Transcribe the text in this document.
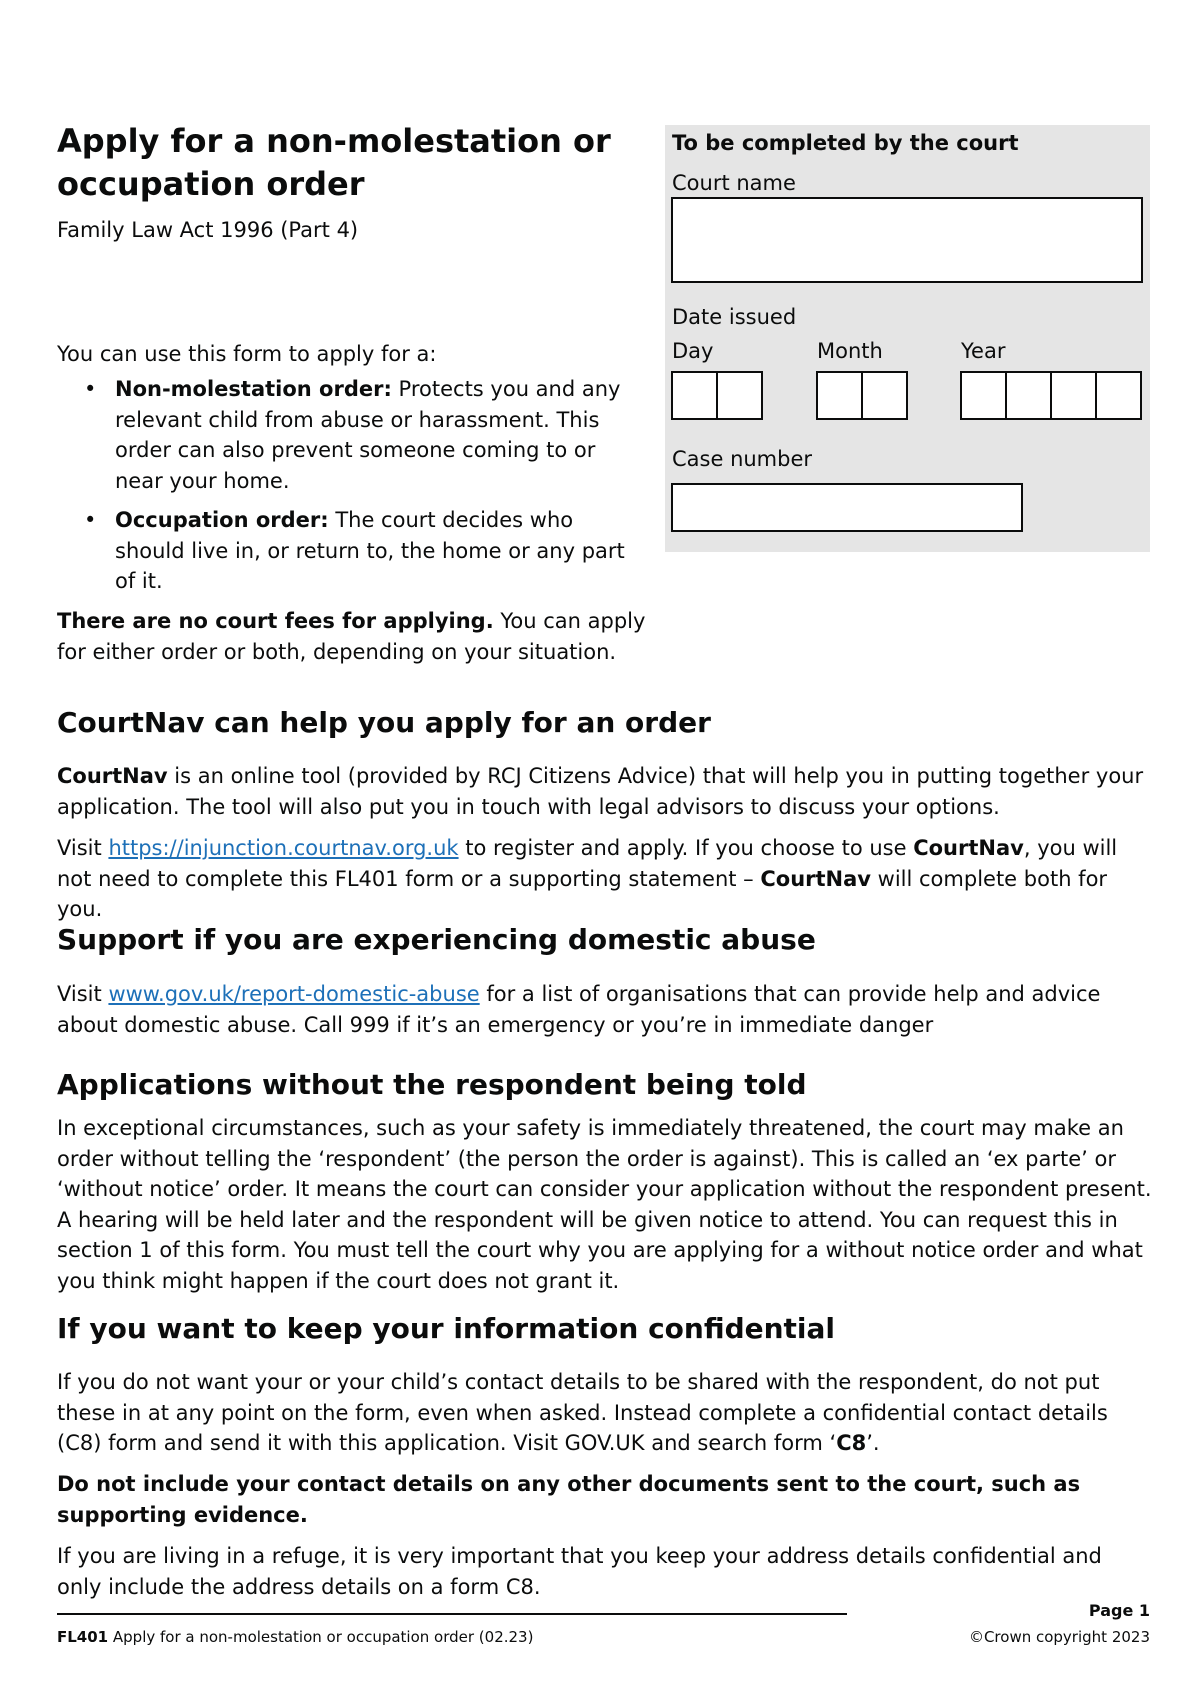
Apply for a non-molestation or occupation order
Family Law Act 1996 (Part 4)
To be completed by the court
Court name
Date issued
Day	Month	Year
Case number

You can use this form to apply for a:

• Non-molestation order: Protects you and any relevant child from abuse or harassment. This order can also prevent someone coming to or near your home.
• Occupation order: The court decides who should live in, or return to, the home or any part of it.

There are no court fees for applying. You can apply for either order or both, depending on your situation.

CourtNav can help you apply for an order

CourtNav is an online tool (provided by RCJ Citizens Advice) that will help you in putting together your application. The tool will also put you in touch with legal advisors to discuss your options.

Visit https://injunction.courtnav.org.uk to register and apply. If you choose to use CourtNav, you will not need to complete this FL401 form or a supporting statement – CourtNav will complete both for you.

Support if you are experiencing domestic abuse

Visit www.gov.uk/report-domestic-abuse for a list of organisations that can provide help and advice about domestic abuse. Call 999 if it’s an emergency or you’re in immediate danger

Applications without the respondent being told

In exceptional circumstances, such as your safety is immediately threatened, the court may make an order without telling the ‘respondent’ (the person the order is against). This is called an ‘ex parte’ or ‘without notice’ order. It means the court can consider your application without the respondent present. A hearing will be held later and the respondent will be given notice to attend. You can request this in section 1 of this form. You must tell the court why you are applying for a without notice order and what you think might happen if the court does not grant it.

If you want to keep your information confidential

If you do not want your or your child’s contact details to be shared with the respondent, do not put these in at any point on the form, even when asked. Instead complete a confidential contact details (C8) form and send it with this application. Visit GOV.UK and search form ‘C8’.

Do not include your contact details on any other documents sent to the court, such as supporting evidence.

If you are living in a refuge, it is very important that you keep your address details confidential and only include the address details on a form C8.

Page 1
FL401 Apply for a non-molestation or occupation order (02.23)	©Crown copyright 2023
